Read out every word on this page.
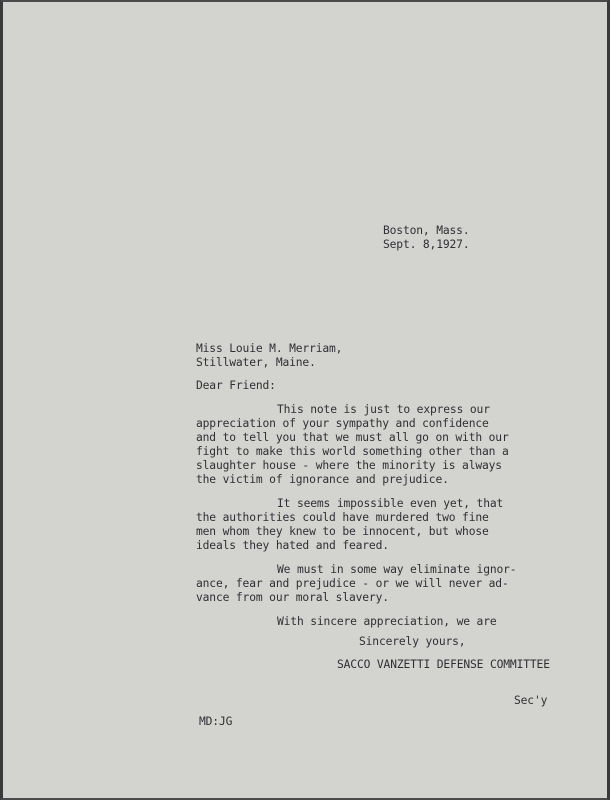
Boston, Mass.
Sept. 8,1927.
Miss Louie M. Merriam,
Stillwater, Maine.
Dear Friend:
This note is just to express our
appreciation of your sympathy and confidence
and to tell you that we must all go on with our
fight to make this world something other than a
slaughter house - where the minority is always
the victim of ignorance and prejudice.
It seems impossible even yet, that
the authorities could have murdered two fine
men whom they knew to be innocent, but whose
ideals they hated and feared.
We must in some way eliminate ignor-
ance, fear and prejudice - or we will never ad-
vance from our moral slavery.
With sincere appreciation, we are
Sincerely yours,
SACCO VANZETTI DEFENSE COMMITTEE
Sec'y
MD:JG
